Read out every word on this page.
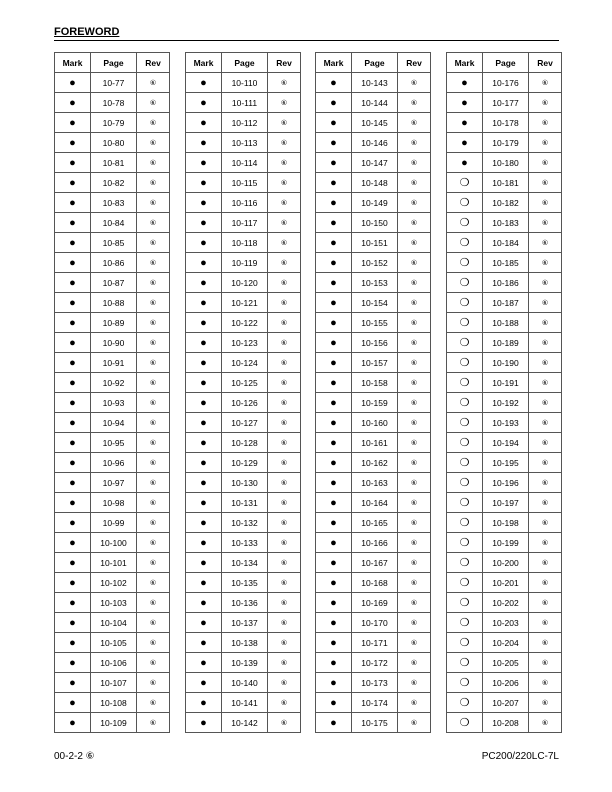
FOREWORD
Mark	Page	Rev
●	10-77	⑥
●	10-78	⑥
●	10-79	⑥
●	10-80	⑥
●	10-81	⑥
●	10-82	⑥
●	10-83	⑥
●	10-84	⑥
●	10-85	⑥
●	10-86	⑥
●	10-87	⑥
●	10-88	⑥
●	10-89	⑥
●	10-90	⑥
●	10-91	⑥
●	10-92	⑥
●	10-93	⑥
●	10-94	⑥
●	10-95	⑥
●	10-96	⑥
●	10-97	⑥
●	10-98	⑥
●	10-99	⑥
●	10-100	⑥
●	10-101	⑥
●	10-102	⑥
●	10-103	⑥
●	10-104	⑥
●	10-105	⑥
●	10-106	⑥
●	10-107	⑥
●	10-108	⑥
●	10-109	⑥
Mark	Page	Rev
●	10-110	⑥
●	10-111	⑥
●	10-112	⑥
●	10-113	⑥
●	10-114	⑥
●	10-115	⑥
●	10-116	⑥
●	10-117	⑥
●	10-118	⑥
●	10-119	⑥
●	10-120	⑥
●	10-121	⑥
●	10-122	⑥
●	10-123	⑥
●	10-124	⑥
●	10-125	⑥
●	10-126	⑥
●	10-127	⑥
●	10-128	⑥
●	10-129	⑥
●	10-130	⑥
●	10-131	⑥
●	10-132	⑥
●	10-133	⑥
●	10-134	⑥
●	10-135	⑥
●	10-136	⑥
●	10-137	⑥
●	10-138	⑥
●	10-139	⑥
●	10-140	⑥
●	10-141	⑥
●	10-142	⑥
Mark	Page	Rev
●	10-143	⑥
●	10-144	⑥
●	10-145	⑥
●	10-146	⑥
●	10-147	⑥
●	10-148	⑥
●	10-149	⑥
●	10-150	⑥
●	10-151	⑥
●	10-152	⑥
●	10-153	⑥
●	10-154	⑥
●	10-155	⑥
●	10-156	⑥
●	10-157	⑥
●	10-158	⑥
●	10-159	⑥
●	10-160	⑥
●	10-161	⑥
●	10-162	⑥
●	10-163	⑥
●	10-164	⑥
●	10-165	⑥
●	10-166	⑥
●	10-167	⑥
●	10-168	⑥
●	10-169	⑥
●	10-170	⑥
●	10-171	⑥
●	10-172	⑥
●	10-173	⑥
●	10-174	⑥
●	10-175	⑥
Mark	Page	Rev
●	10-176	⑥
●	10-177	⑥
●	10-178	⑥
●	10-179	⑥
●	10-180	⑥
❍	10-181	⑥
❍	10-182	⑥
❍	10-183	⑥
❍	10-184	⑥
❍	10-185	⑥
❍	10-186	⑥
❍	10-187	⑥
❍	10-188	⑥
❍	10-189	⑥
❍	10-190	⑥
❍	10-191	⑥
❍	10-192	⑥
❍	10-193	⑥
❍	10-194	⑥
❍	10-195	⑥
❍	10-196	⑥
❍	10-197	⑥
❍	10-198	⑥
❍	10-199	⑥
❍	10-200	⑥
❍	10-201	⑥
❍	10-202	⑥
❍	10-203	⑥
❍	10-204	⑥
❍	10-205	⑥
❍	10-206	⑥
❍	10-207	⑥
❍	10-208	⑥
00-2-2 ⑥	PC200/220LC-7L
